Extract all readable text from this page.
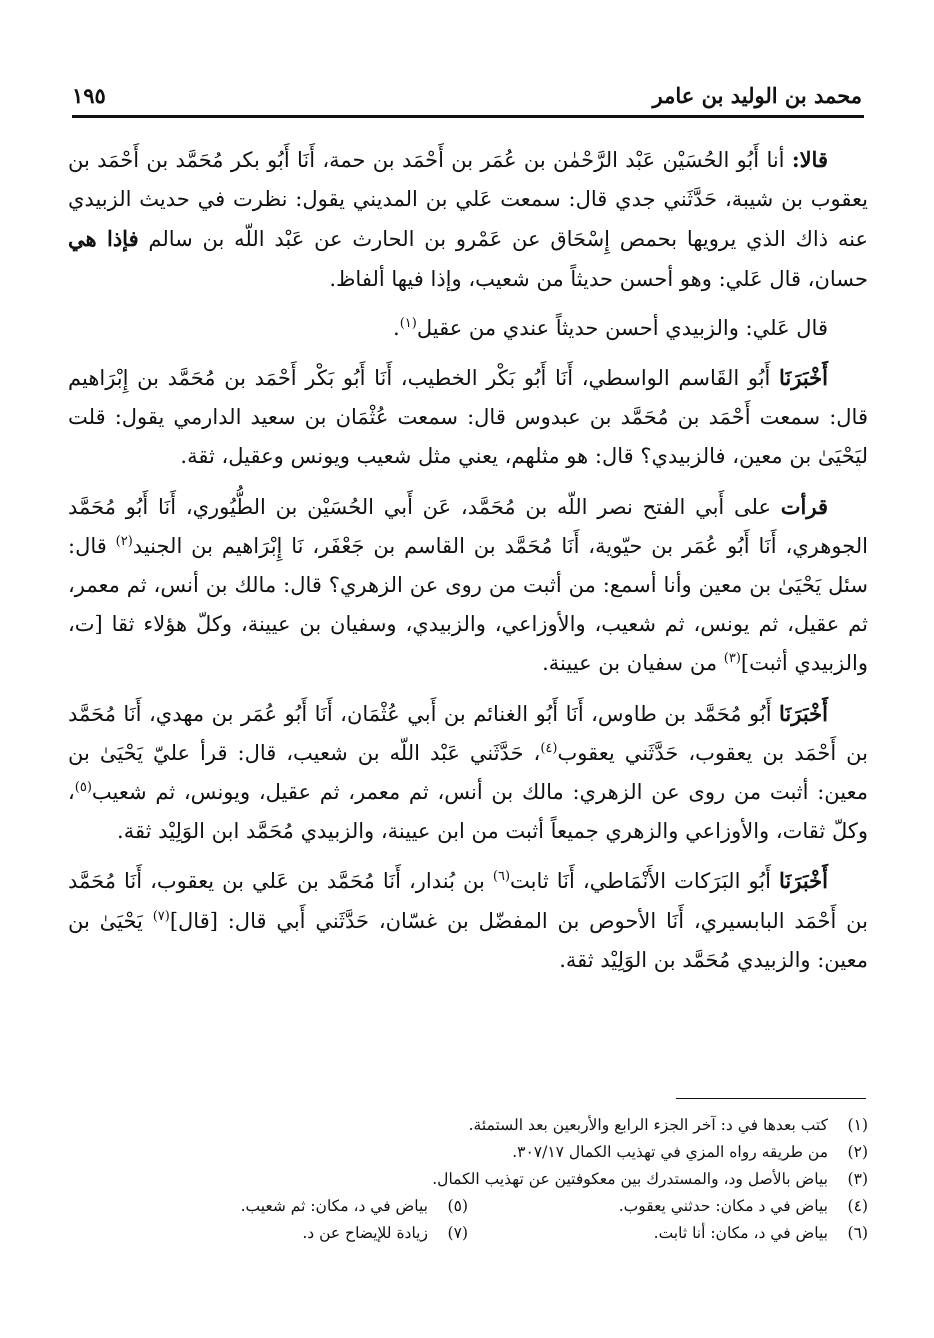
محمد بن الوليد بن عامر
١٩٥

قالا: أنا أَبُو الحُسَيْن عَبْد الرَّحْمٰن بن عُمَر بن أَحْمَد بن حمة، أَنَا أَبُو بكر مُحَمَّد بن أَحْمَد بن يعقوب بن شيبة، حَدَّثَني جدي قال: سمعت عَلي بن المديني يقول: نظرت في حديث الزبيدي عنه ذاك الذي يرويها بحمص إِسْحَاق عن عَمْرو بن الحارث عن عَبْد اللّه بن سالم فإذا هي حسان، قال عَلي: وهو أحسن حديثاً من شعيب، وإذا فيها ألفاظ.

قال عَلي: والزبيدي أحسن حديثاً عندي من عقيل$^{(١)}$.

أَخْبَرَنَا أَبُو القَاسم الواسطي، أَنَا أَبُو بَكْر الخطيب، أَنَا أَبُو بَكْر أَحْمَد بن مُحَمَّد بن إِبْرَاهيم قال: سمعت أَحْمَد بن مُحَمَّد بن عبدوس قال: سمعت عُثْمَان بن سعيد الدارمي يقول: قلت ليَحْيَىٰ بن معين، فالزبيدي؟ قال: هو مثلهم، يعني مثل شعيب ويونس وعقيل، ثقة.

قرأت على أَبي الفتح نصر اللّه بن مُحَمَّد، عَن أَبي الحُسَيْن بن الطُّيُوري، أَنَا أَبُو مُحَمَّد الجوهري، أَنَا أَبُو عُمَر بن حيّوية، أَنَا مُحَمَّد بن القاسم بن جَعْفَر، نَا إِبْرَاهيم بن الجنيد$^{(٢)}$ قال: سئل يَحْيَىٰ بن معين وأنا أسمع: من أثبت من روى عن الزهري؟ قال: مالك بن أنس، ثم معمر، ثم عقيل، ثم يونس، ثم شعيب، والأوزاعي، والزبيدي، وسفيان بن عيينة، وكلّ هؤلاء ثقا [ت، والزبيدي أثبت]$^{(٣)}$ من سفيان بن عيينة.

أَخْبَرَنَا أَبُو مُحَمَّد بن طاوس، أَنَا أَبُو الغنائم بن أَبي عُثْمَان، أَنَا أَبُو عُمَر بن مهدي، أَنَا مُحَمَّد بن أَحْمَد بن يعقوب، حَدَّثَني يعقوب$^{(٤)}$، حَدَّثَني عَبْد اللّه بن شعيب، قال: قرأ عليّ يَحْيَىٰ بن معين: أثبت من روى عن الزهري: مالك بن أنس، ثم معمر، ثم عقيل، ويونس، ثم شعيب$^{(٥)}$، وكلّ ثقات، والأوزاعي والزهري جميعاً أثبت من ابن عيينة، والزبيدي مُحَمَّد ابن الوَلِيْد ثقة.

أَخْبَرَنَا أَبُو البَرَكات الأَنْمَاطي، أَنَا ثابت$^{(٦)}$ بن بُندار، أَنَا مُحَمَّد بن عَلي بن يعقوب، أَنَا مُحَمَّد بن أَحْمَد البابسيري، أَنَا الأحوص بن المفضّل بن غسّان، حَدَّثَني أَبي قال: [قال]$^{(٧)}$ يَحْيَىٰ بن معين: والزبيدي مُحَمَّد بن الوَلِيْد ثقة.

(١)
كتب بعدها في د: آخر الجزء الرابع والأربعين بعد الستمئة.
(٢)
من طريقه رواه المزي في تهذيب الكمال ٣٠٧/١٧.
(٣)
بياض بالأصل ود، والمستدرك بين معكوفتين عن تهذيب الكمال.
(٤)
بياض في د مكان: حدثني يعقوب.
(٥)
بياض في د، مكان: ثم شعيب.
(٦)
بياض في د، مكان: أنا ثابت.
(٧)
زيادة للإيضاح عن د.
